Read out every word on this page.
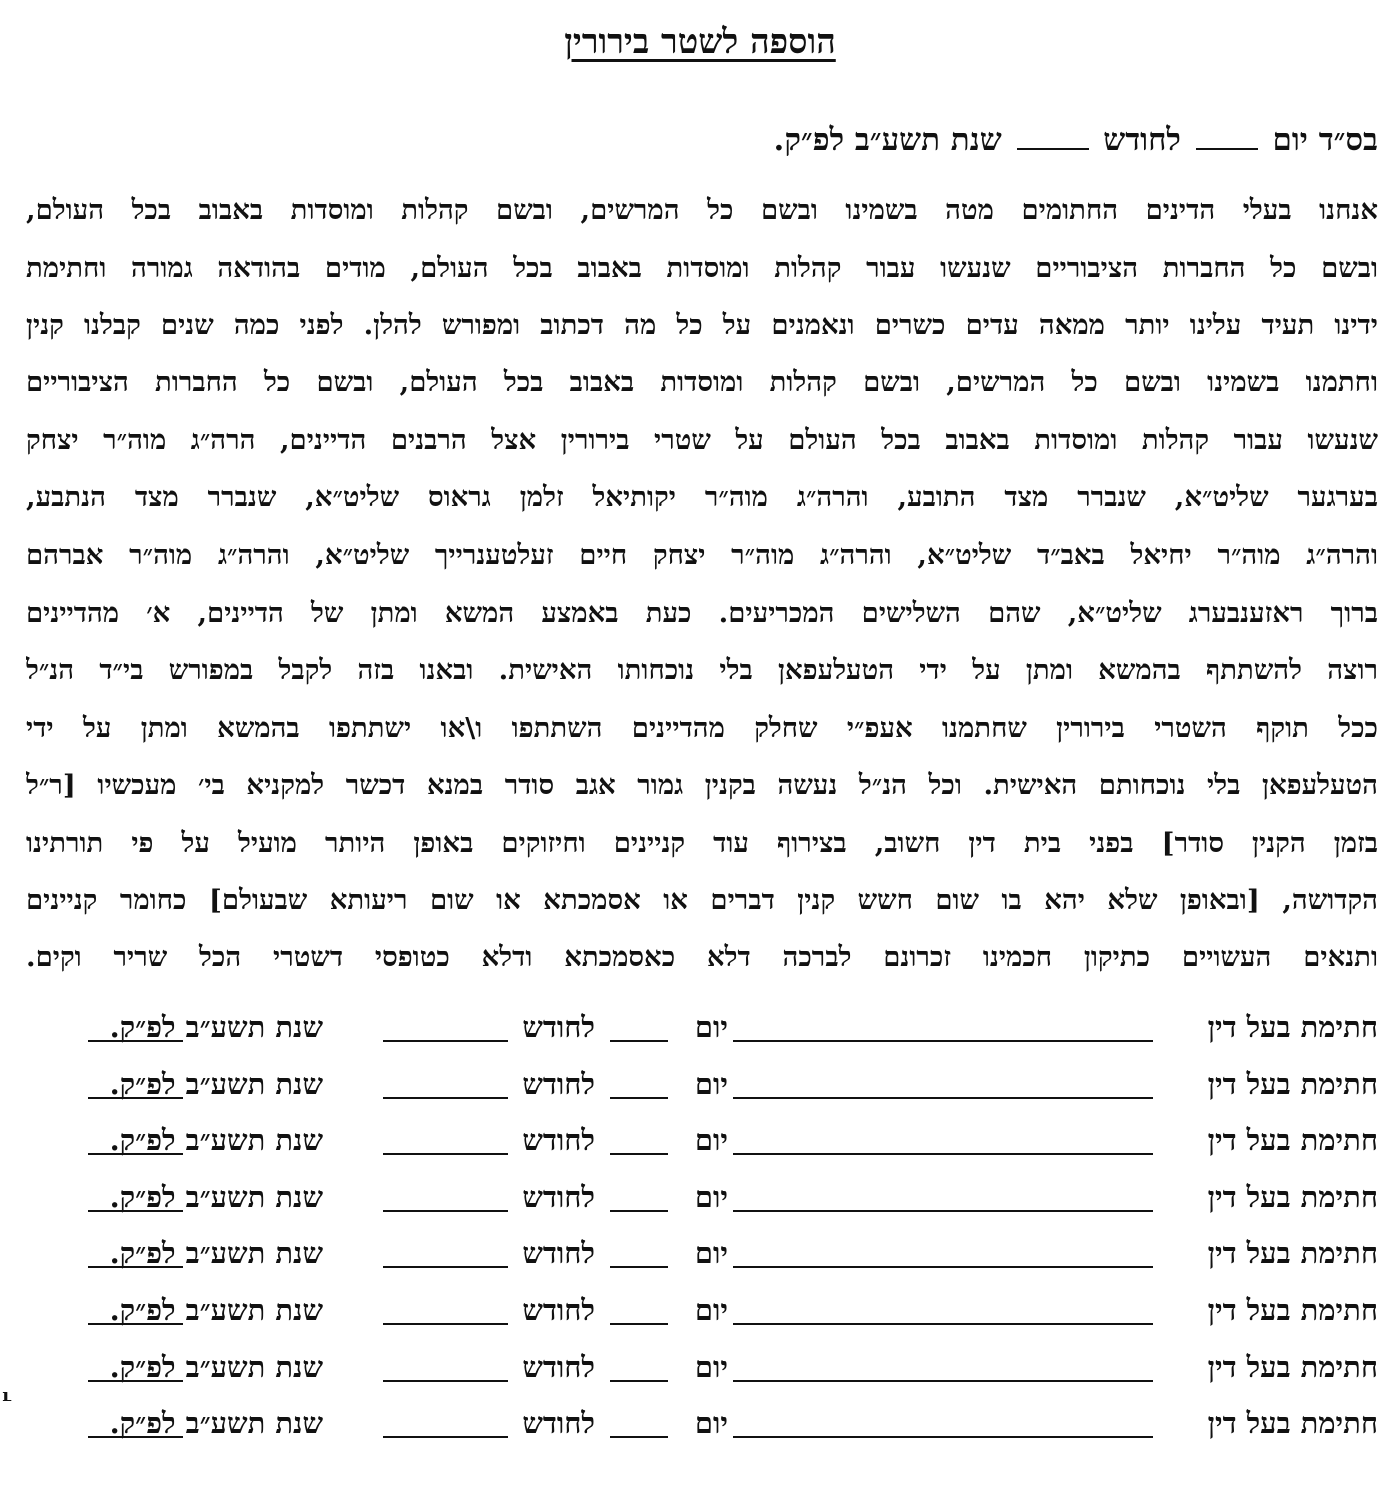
הוספה לשטר בירורין
בס״ד יום  לחודש  שנת תשע״ב לפ״ק.
אנחנו בעלי הדינים החתומים מטה בשמינו ובשם כל המרשים, ובשם קהלות ומוסדות באבוב בכל העולם,
ובשם כל החברות הציבוריים שנעשו עבור קהלות ומוסדות באבוב בכל העולם, מודים בהודאה גמורה וחתימת
ידינו תעיד עלינו יותר ממאה עדים כשרים ונאמנים על כל מה דכתוב ומפורש להלן. לפני כמה שנים קבלנו קנין
וחתמנו בשמינו ובשם כל המרשים, ובשם קהלות ומוסדות באבוב בכל העולם, ובשם כל החברות הציבוריים
שנעשו עבור קהלות ומוסדות באבוב בכל העולם על שטרי בירורין אצל הרבנים הדיינים, הרה״ג מוה״ר יצחק
בערגער שליט״א, שנברר מצד התובע, והרה״ג מוה״ר יקותיאל זלמן גראוס שליט״א, שנברר מצד הנתבע,
והרה״ג מוה״ר יחיאל באב״ד שליט״א, והרה״ג מוה״ר יצחק חיים זעלטענרייך שליט״א, והרה״ג מוה״ר אברהם
ברוך ראזענבערג שליט״א, שהם השלישים המכריעים. כעת באמצע המשא ומתן של הדיינים, א׳ מהדיינים
רוצה להשתתף בהמשא ומתן על ידי הטעלעפאן בלי נוכחותו האישית. ובאנו בזה לקבל במפורש בי״ד הנ״ל
ככל תוקף השטרי בירורין שחתמנו אעפ״י שחלק מהדיינים השתתפו ו\או ישתתפו בהמשא ומתן על ידי
הטעלעפאן בלי נוכחותם האישית. וכל הנ״ל נעשה בקנין גמור אגב סודר במנא דכשר למקניא בי׳ מעכשיו [ר״ל
בזמן הקנין סודר] בפני בית דין חשוב, בצירוף עוד קניינים וחיזוקים באופן היותר מועיל על פי תורתינו
הקדושה, [ובאופן שלא יהא בו שום חשש קנין דברים או אסמכתא או שום ריעותא שבעולם] כחומר קניינים
ותנאים העשויים כתיקון חכמינו זכרונם לברכה דלא כאסמכתא ודלא כטופסי דשטרי הכל שריר וקים.
חתימת בעל דין
יום
לחודש
שנת תשע״ב לפ״ק.
חתימת בעל דין
יום
לחודש
שנת תשע״ב לפ״ק.
חתימת בעל דין
יום
לחודש
שנת תשע״ב לפ״ק.
חתימת בעל דין
יום
לחודש
שנת תשע״ב לפ״ק.
חתימת בעל דין
יום
לחודש
שנת תשע״ב לפ״ק.
חתימת בעל דין
יום
לחודש
שנת תשע״ב לפ״ק.
חתימת בעל דין
יום
לחודש
שנת תשע״ב לפ״ק.
חתימת בעל דין
יום
לחודש
שנת תשע״ב לפ״ק.
ւ
